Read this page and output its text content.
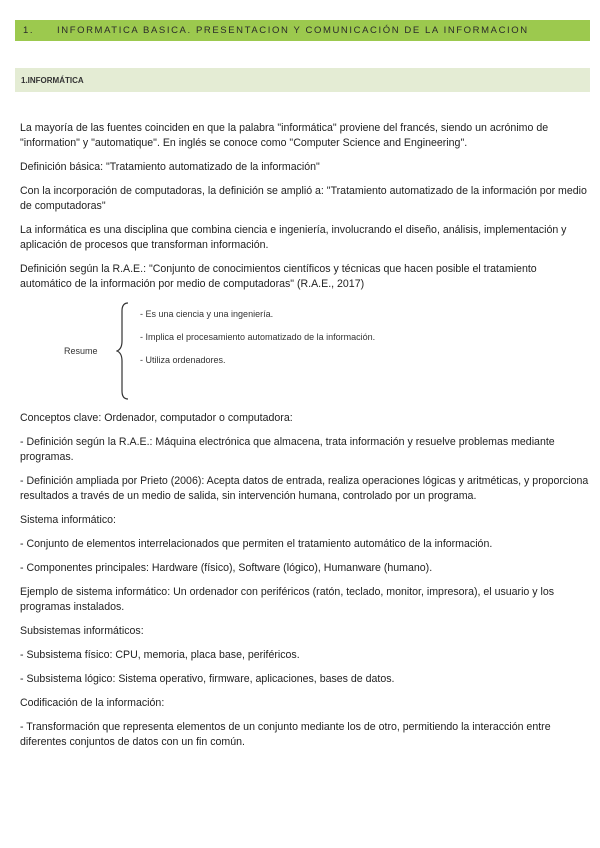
1.	INFORMATICA BASICA. PRESENTACION Y COMUNICACIÓN DE LA INFORMACION
1.INFORMÁTICA

La mayoría de las fuentes coinciden en que la palabra "informática" proviene del francés, siendo un acrónimo de "information" y "automatique". En inglés se conoce como "Computer Science and Engineering".

Definición básica: "Tratamiento automatizado de la información"

Con la incorporación de computadoras, la definición se amplió a: "Tratamiento automatizado de la información por medio de computadoras"

La informática es una disciplina que combina ciencia e ingeniería, involucrando el diseño, análisis, implementación y aplicación de procesos que transforman información.

Definición según la R.A.E.: "Conjunto de conocimientos científicos y técnicas que hacen posible el tratamiento automático de la información por medio de computadoras" (R.A.E., 2017)

Resume
- Es una ciencia y una ingeniería.
- Implica el procesamiento automatizado de la información.
- Utiliza ordenadores.

Conceptos clave: Ordenador, computador o computadora:

- Definición según la R.A.E.: Máquina electrónica que almacena, trata información y resuelve problemas mediante programas.

- Definición ampliada por Prieto (2006): Acepta datos de entrada, realiza operaciones lógicas y aritméticas, y proporciona resultados a través de un medio de salida, sin intervención humana, controlado por un programa.

Sistema informático:

- Conjunto de elementos interrelacionados que permiten el tratamiento automático de la información.

- Componentes principales: Hardware (físico), Software (lógico), Humanware (humano).

Ejemplo de sistema informático: Un ordenador con periféricos (ratón, teclado, monitor, impresora), el usuario y los programas instalados.

Subsistemas informáticos:

- Subsistema físico: CPU, memoria, placa base, periféricos.

- Subsistema lógico: Sistema operativo, firmware, aplicaciones, bases de datos.

Codificación de la información:

- Transformación que representa elementos de un conjunto mediante los de otro, permitiendo la interacción entre diferentes conjuntos de datos con un fin común.
